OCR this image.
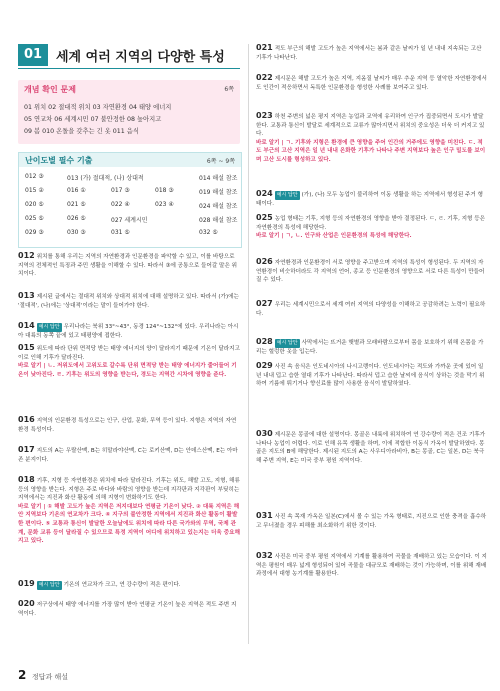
01	세계 여러 지역의 다양한 특성
개념 확인 문제	6쪽
01 위치 02 절대적 위치 03 자연환경 04 태양 에너지
05 연교차 06 세계시민 07 불안정한 08 높아지고
09 봄 010 온돌을 갖추는 긴 옷 011 음식
난이도별 필수 기출	6쪽 ~ 9쪽
012 ③	013 (가) 절대적, (나) 상대적	014 해설 참조
015 ②	016 ①	017 ③	018 ③	019 해설 참조
020 ⑤	021 ⑤	022 ④	023 ④	024 해설 참조
025 ⑤	026 ⑤	027 세계시민	028 해설 참조
029 ③	030 ③	031 ⑤	032 ⑤
012 위치를 통해 우리는 지역의 자연환경과 인문환경을 파악할 수 있고, 이를 바탕으로 지역의 전체적인 특징과 주민 생활을 이해할 수 있다. 따라서 ③에 공통으로 들어갈 말은 위치이다.
013 제시된 글에서는 절대적 위치와 상대적 위치에 대해 설명하고 있다. 따라서 (가)에는 '절대적', (나)에는 '상대적'이라는 말이 들어가야 한다.
014 예시 답안 우리나라는 북위 33°~43°, 동경 124°~132°에 있다. 우리나라는 아시아 대륙의 동쪽 끝에 있고 태평양에 접한다.
015 위도에 따라 단위 면적당 받는 태양 에너지의 양이 달라지기 때문에 기온이 달라지고 이로 인해 기후가 달라진다.
바로 알기 | ㄴ. 저위도에서 고위도로 갈수록 단위 면적당 받는 태양 에너지가 줄어들어 기온이 낮아진다. ㄹ. 기후는 위도의 영향을 받는다, 경도는 지역간 시차에 영향을 준다.
016 지역의 인문환경 특성으로는 인구, 산업, 문화, 무역 등이 있다. 지형은 지역의 자연환경 특성이다.
017 지도의 A는 우랄산맥, B는 히말라야산맥, C는 로키산맥, D는 안데스산맥, E는 아마존 분지이다.
018 기후, 지형 등 자연환경은 위치에 따라 달라진다. 기후는 위도, 해발 고도, 지형, 해류 등의 영향을 받는다. 지형은 주로 바다와 바람의 영향을 받는데 지각판과 지각판이 부딪히는 지역에서는 지진과 화산 활동에 의해 지형이 변화하기도 한다.
바로 알기 | ① 해발 고도가 높은 지역은 저지대보다 연평균 기온이 낮다. ② 대륙 지역은 해안 지역보다 기온의 연교차가 크다. ④ 지구의 불안정한 지역에서 지진과 화산 활동이 활발한 편이다. ⑤ 교통과 통신이 발달한 오늘날에도 위치에 따라 다른 국가와의 무역, 국제 관계, 문화 교류 등이 달라질 수 있으므로 특정 지역이 어디에 위치하고 있는지는 더욱 중요해지고 있다.
019 예시 답안 기온의 연교차가 크고, 연 강수량이 적은 편이다.
020 저구상에서 태양 에너지를 가장 많이 받아 연평균 기온이 높은 지역은 적도 주변 지역이다.
021 적도 부근의 해발 고도가 높은 지역에서는 봄과 같은 날씨가 일 년 내내 지속되는 고산 기후가 나타난다.
022 제시문은 해발 고도가 높은 지역, 지옴질 날씨가 매우 추운 지역 등 열악한 자연환경에서도 인간이 적응하면서 독특한 인문환경을 형성한 사례를 보여주고 있다.
023 하천 주변의 넓은 평지 지역은 농업과 교역에 유리하여 인구가 집중되면서 도시가 발달한다. 교통과 통신이 발달로 세계적으로 교류가 많아지면서 위치의 중요성은 더욱 더 커지고 있다.
바로 알기 | ㄱ. 기후와 지형은 환경에 큰 영향을 주어 인간의 거주에도 영향을 미친다. ㄷ. 적도 부근의 고산 지역은 일 년 내내 온화한 기후가 나타나 주변 지역보다 높은 인구 밀도를 보이며 고산 도시를 형성하고 있다.
024 예시 답안 (가), (나) 모두 농업이 불리하여 이동 생활을 하는 지역에서 형성된 주거 형태이다.
025 농업 형태는 기후, 지형 등의 자연환경의 영향을 받아 결정된다. ㄷ, ㄹ. 기후, 지형 등은 자연환경의 특성에 해당한다.
바로 알기 | ㄱ, ㄴ. 인구와 산업은 인문환경의 특성에 해당한다.
026 자연환경과 인문환경이 서로 영향을 주고받으며 지역의 특성이 형성된다. 두 지역의 자연환경이 비슷하더라도 각 지역의 언어, 종교 등 인문환경의 영향으로 서로 다른 특성이 만들어질 수 있다.
027 우리는 세계시민으로서 세계 여러 지역의 다양성을 이해하고 공감하려는 노력이 필요하다.
028 예시 답안 사막에서는 뜨거운 햇볕과 모래바람으로부터 몸을 보호하기 위해 온몸을 가리는 헐렁한 옷을 입는다.
029 사진 속 음식은 인도네시아의 나시고랭이다. 인도네시아는 적도와 가까운 곳에 있어 일 년 내내 덥고 습한 열대 기후가 나타난다. 따라서 덥고 습한 날씨에 음식이 상하는 것을 막기 위하여 기름에 튀기거나 향신료를 많이 사용한 음식이 발달하였다.
030 제시문은 몽골에 대한 설명이다. 몽골은 내륙에 위치하여 연 강수량이 적은 건조 기후가 나타나 농업이 어렵다. 이로 인해 유목 생활을 하며, 이에 적합한 이동식 가옥이 발달하였다. 몽골은 지도의 B에 해당한다. 제시된 지도의 A는 사우디아라비아, B는 몽골, C는 일본, D는 북극해 주변 지역, E는 미국 중부 평원 지역이다.
031 사진 속 목재 가옥은 일본(C)에서 볼 수 있는 가옥 형태로, 지진으로 인한 충격을 흡수하고 무너졌을 경우 피해를 최소화하기 위한 것이다.
032 사진은 미국 중부 평원 지역에서 기계를 활용하여 곡물을 재배하고 있는 모습이다. 이 지역은 평원이 매우 넓게 형성되어 있어 곡물을 대규모로 재배하는 것이 가능하며, 이를 위해 재배 과정에서 대형 농기계를 활용한다.
2 정답과 해설
